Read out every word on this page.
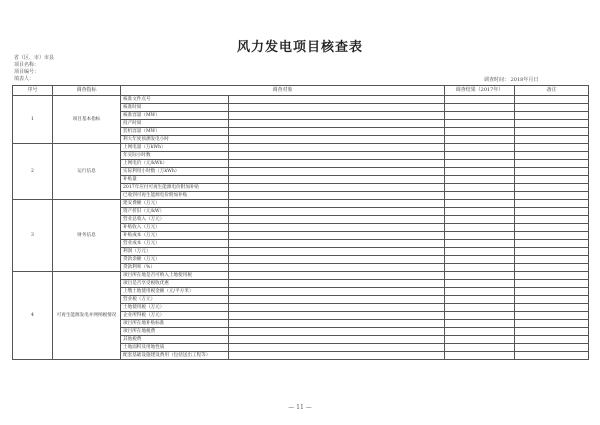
风力发电项目核查表
省（区、市）市县
项目名称：
项目编号：
填表人：	调查时间： 2018年月日
序号	调查指标	调查对象		调查结果（2017年）	备注
1	项目基本指标	核准文件点号			
		核准时间			
		核准容量（MW）			
		投产时间			
		装机容量（MW）			
		利大年度预测发电小时			
2	运行信息	上网电量（万kWh）			
		年实际小时数			
		上网电价（元/kWh）			
		实际利用小时数（万kWh）			
		补贴量			
		2017年应付可再生能源电价附加补贴			
		已收到可再生能源电价附加补贴			
3	财务信息	建安费额（万元）			
		资产折旧（元/kW）			
		营业总收入（万元）			
		补贴收入（万元）			
		补贴成本（万元）			
		营业成本（万元）			
		利润（万元）			
		贷款余额（万元）			
		贷款利率（%）			
4	可再生能源发电并网纳税情况	项目所在地是否可纳入土地使用税			
		项目是否享受税收优惠			
		上缴土地使用税金额（元/平方米）			
		营业税（万元）			
		土地使用税（万元）			
		企业所得税（万元）			
		项目所在地补贴标准			
		项目所在地税费			
		其他税费			
		土地面积及用地性质			
		配套基础设施建设费用（包括送出工程等）			
— 11 —
